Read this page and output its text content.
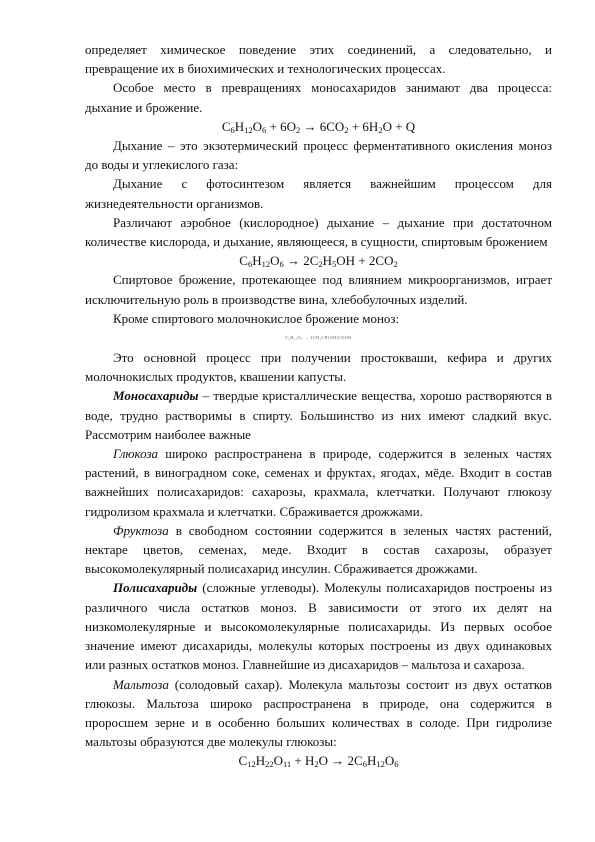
определяет химическое поведение этих соединений, а следовательно, и превращение их в биохимических и технологических процессах.

Особое место в превращениях моносахаридов занимают два процесса: дыхание и брожение.

$C_6H_{12}O_6 + 6O_2 \to 6CO_2 + 6H_2O + Q$

Дыхание – это экзотермический процесс ферментативного окисления моноз до воды и углекислого газа:

Дыхание с фотосинтезом является важнейшим процессом для жизнедеятельности организмов.

Различают аэробное (кислородное) дыхание – дыхание при достаточном количестве кислорода, и дыхание, являющееся, в сущности, спиртовым брожением

$C_6H_{12}O_6 \to 2C_2H_5OH + 2CO_2$

Спиртовое брожение, протекающее под влиянием микроорганизмов, играет исключительную роль в производстве вина, хлебобулочных изделий.

Кроме спиртового молочнокислое брожение моноз:

C₆H₁₂O₆ → 2CH₃CH(OH)COOH

Это основной процесс при получении простокваши, кефира и других молочнокислых продуктов, квашении капусты.

Моносахариды – твердые кристаллические вещества, хорошо растворяются в воде, трудно растворимы в спирту. Большинство из них имеют сладкий вкус. Рассмотрим наиболее важные

Глюкоза широко распространена в природе, содержится в зеленых частях растений, в виноградном соке, семенах и фруктах, ягодах, мёде. Входит в состав важнейших полисахаридов: сахарозы, крахмала, клетчатки. Получают глюкозу гидролизом крахмала и клетчатки. Сбраживается дрожжами.

Фруктоза в свободном состоянии содержится в зеленых частях растений, нектаре цветов, семенах, меде. Входит в состав сахарозы, образует высокомолекулярный полисахарид инсулин. Сбраживается дрожжами.

Полисахариды (сложные углеводы). Молекулы полисахаридов построены из различного числа остатков моноз. В зависимости от этого их делят на низкомолекулярные и высокомолекулярные полисахариды. Из первых особое значение имеют дисахариды, молекулы которых построены из двух одинаковых или разных остатков моноз. Главнейшие из дисахаридов – мальтоза и сахароза.

Мальтоза (солодовый сахар). Молекула мальтозы состоит из двух остатков глюкозы. Мальтоза широко распространена в природе, она содержится в проросшем зерне и в особенно больших количествах в солоде. При гидролизе мальтозы образуются две молекулы глюкозы:

$C_{12}H_{22}O_{11} + H_2O \to 2C_6H_{12}O_6$
